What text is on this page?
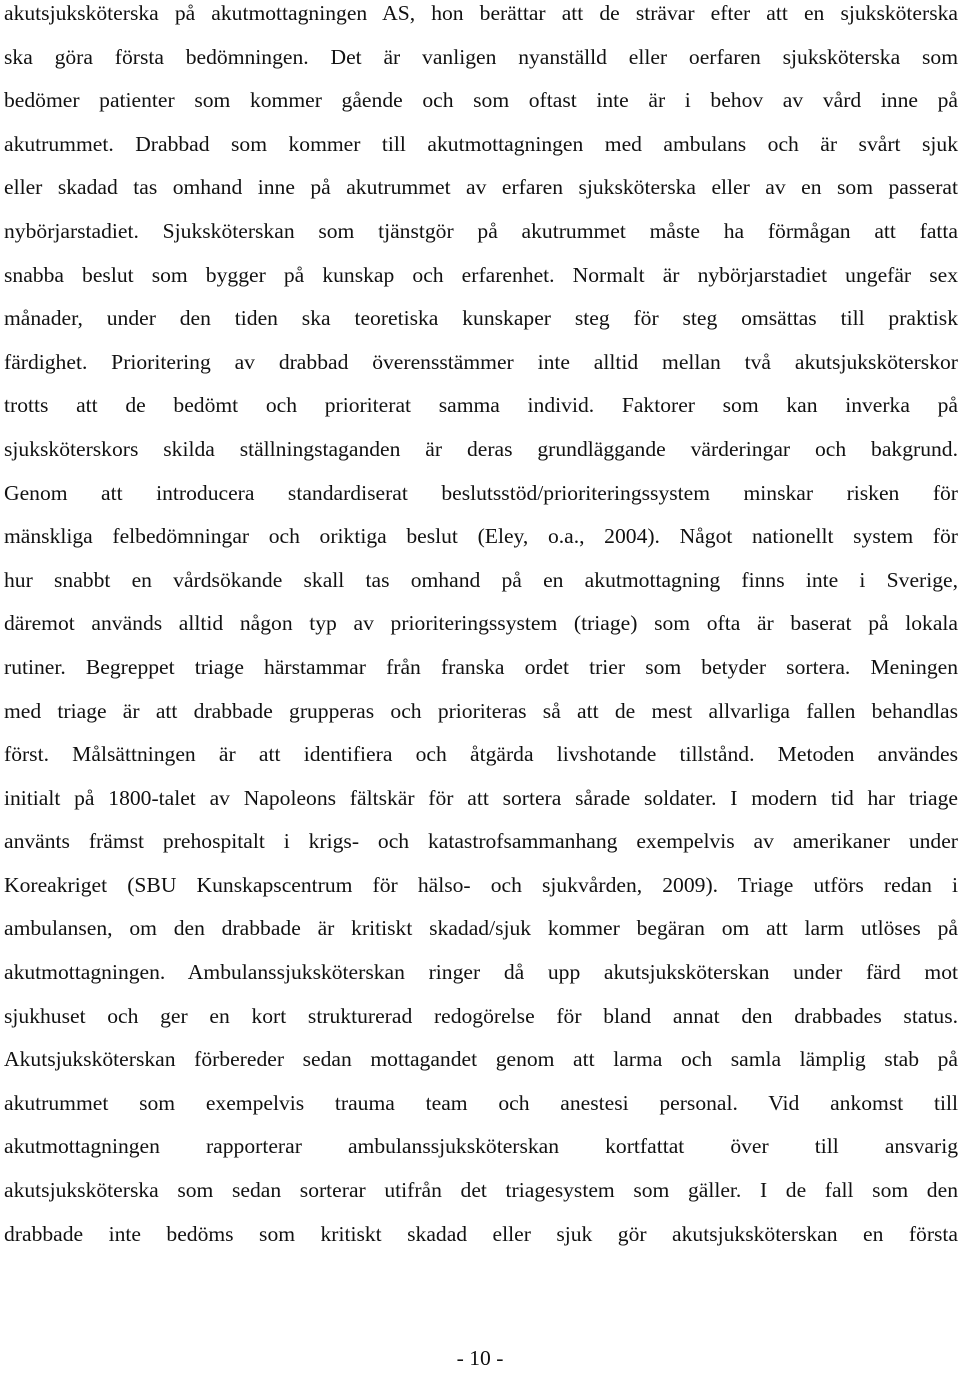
akutsjuksköterska på akutmottagningen AS, hon berättar att de strävar efter att en sjuksköterska
ska göra första bedömningen. Det är vanligen nyanställd eller oerfaren sjuksköterska som
bedömer patienter som kommer gående och som oftast inte är i behov av vård inne på
akutrummet. Drabbad som kommer till akutmottagningen med ambulans och är svårt sjuk
eller skadad tas omhand inne på akutrummet av erfaren sjuksköterska eller av en som passerat
nybörjarstadiet. Sjuksköterskan som tjänstgör på akutrummet måste ha förmågan att fatta
snabba beslut som bygger på kunskap och erfarenhet. Normalt är nybörjarstadiet ungefär sex
månader, under den tiden ska teoretiska kunskaper steg för steg omsättas till praktisk
färdighet. Prioritering av drabbad överensstämmer inte alltid mellan två akutsjuksköterskor
trotts att de bedömt och prioriterat samma individ. Faktorer som kan inverka på
sjuksköterskors skilda ställningstaganden är deras grundläggande värderingar och bakgrund.
Genom att introducera standardiserat beslutsstöd/prioriteringssystem minskar risken för
mänskliga felbedömningar och oriktiga beslut (Eley, o.a., 2004). Något nationellt system för
hur snabbt en vårdsökande skall tas omhand på en akutmottagning finns inte i Sverige,
däremot används alltid någon typ av prioriteringssystem (triage) som ofta är baserat på lokala
rutiner. Begreppet triage härstammar från franska ordet trier som betyder sortera. Meningen
med triage är att drabbade grupperas och prioriteras så att de mest allvarliga fallen behandlas
först. Målsättningen är att identifiera och åtgärda livshotande tillstånd. Metoden användes
initialt på 1800-talet av Napoleons fältskär för att sortera sårade soldater. I modern tid har triage
använts främst prehospitalt i krigs- och katastrofsammanhang exempelvis av amerikaner under
Koreakriget (SBU Kunskapscentrum för hälso- och sjukvården, 2009). Triage utförs redan i
ambulansen, om den drabbade är kritiskt skadad/sjuk kommer begäran om att larm utlöses på
akutmottagningen. Ambulanssjuksköterskan ringer då upp akutsjuksköterskan under färd mot
sjukhuset och ger en kort strukturerad redogörelse för bland annat den drabbades status.
Akutsjuksköterskan förbereder sedan mottagandet genom att larma och samla lämplig stab på
akutrummet som exempelvis trauma team och anestesi personal. Vid ankomst till
akutmottagningen rapporterar ambulanssjuksköterskan kortfattat över till ansvarig
akutsjuksköterska som sedan sorterar utifrån det triagesystem som gäller. I de fall som den
drabbade inte bedöms som kritiskt skadad eller sjuk gör akutsjuksköterskan en första
- 10 -
